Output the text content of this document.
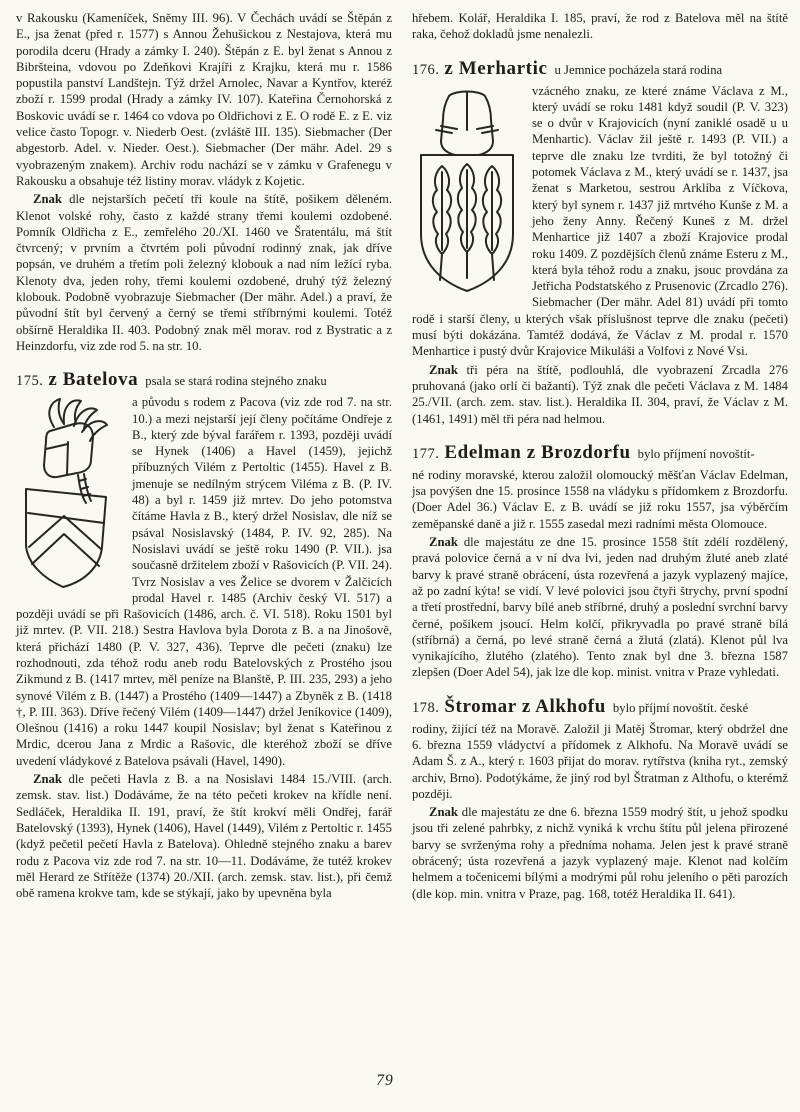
v Rakousku (Kameníček, Sněmy III. 96). V Čechách uvádí se Štěpán z E., jsa ženat (před r. 1577) s Annou Žehušickou z Nestajova, která mu porodila dceru (Hrady a zámky I. 240). Štěpán z E. byl ženat s Annou z Bibršteina, vdovou po Zdeňkovi Krajíři z Krajku, která mu r. 1586 popustila panství Landštejn. Týž držel Arnolec, Navar a Kyntřov, kteréž zboží r. 1599 prodal (Hrady a zámky IV. 107). Kateřina Černohorská z Boskovic uvádí se r. 1464 co vdova po Oldřichovi z E. O rodě E. z E. viz velice často Topogr. v. Niederb Oest. (zvláště III. 135). Siebmacher (Der abgestorb. Adel. v. Nieder. Oest.). Siebmacher (Der mähr. Adel. 29 s vyobrazeným znakem). Archiv rodu nachází se v zámku v Grafenegu v Rakousku a obsahuje též listiny morav. vládyk z Kojetic.

Znak dle nejstarších pečetí tři koule na štítě, pošikem děleném. Klenot volské rohy, často z každé strany třemi koulemi ozdobené. Pomník Oldřicha z E., zemřelého 20./XI. 1460 ve Šratentálu, má štít čtvrcený; v prvním a čtvrtém poli původní rodinný znak, jak dříve popsán, ve druhém a třetím poli železný klobouk a nad ním ležící ryba. Klenoty dva, jeden rohy, třemi koulemi ozdobené, druhý týž železný klobouk. Podobně vyobrazuje Siebmacher (Der mähr. Adel.) a praví, že původní štít byl červený a černý se třemi stříbrnými koulemi. Totéž obšírně Heraldika II. 403. Podobný znak měl morav. rod z Bystratic a z Heinzdorfu, viz zde rod 5. na str. 10.

175. z Batelova psala se stará rodina stejného znaku

a původu s rodem z Pacova (viz zde rod 7. na str. 10.) a mezi nejstarší její členy počítáme Ondřeje z B., který zde býval farářem r. 1393, později uvádí se Hynek (1406) a Havel (1459), jejichž příbuzných Vilém z Pertoltic (1455). Havel z B. jmenuje se nedílným strýcem Viléma z B. (P. IV. 48) a byl r. 1459 již mrtev. Do jeho potomstva čítáme Havla z B., který držel Nosislav, dle níž se psával Nosislavský (1484, P. IV. 92, 285). Na Nosislavi uvádí se ještě roku 1490 (P. VII.). jsa současně držitelem zboží v Rašovicích (P. VII. 24). Tvrz Nosislav a ves Želice se dvorem v Žalčicích prodal Havel r. 1485 (Archiv český VI. 517) a později uvádí se při Rašovicích (1486, arch. č. VI. 518). Roku 1501 byl již mrtev. (P. VII. 218.) Sestra Havlova byla Dorota z B. a na Jinošově, která přichází 1480 (P. V. 327, 436). Teprve dle pečeti (znaku) lze rozhodnouti, zda téhož rodu aneb rodu Batelovských z Prostého jsou Zikmund z B. (1417 mrtev, měl peníze na Blanště, P. III. 235, 293) a jeho synové Vilém z B. (1447) a Prostého (1409—1447) a Zbyněk z B. (1418 †, P. III. 363). Dříve řečený Vilém (1409—1447) držel Jeníkovice (1409), Olešnou (1416) a roku 1447 koupil Nosislav; byl ženat s Kateřinou z Mrdic, dcerou Jana z Mrdic a Rašovic, dle kteréhož zboží se dříve uvedení vládykové z Batelova psávali (Havel, 1490).

Znak dle pečeti Havla z B. a na Nosislavi 1484 15./VIII. (arch. zemsk. stav. list.) Dodáváme, že na této pečeti krokev na křídle není. Sedláček, Heraldika II. 191, praví, že štít krokví měli Ondřej, farář Batelovský (1393), Hynek (1406), Havel (1449), Vilém z Pertoltic r. 1455 (když pečetil pečetí Havla z Batelova). Ohledně stejného znaku a barev rodu z Pacova viz zde rod 7. na str. 10—11. Dodáváme, že tutéž krokev měl Herard ze Střítěže (1374) 20./XII. (arch. zemsk. stav. list.), při čemž obě ramena krokve tam, kde se stýkají, jako by upevněna byla

hřebem. Kolář, Heraldika I. 185, praví, že rod z Batelova měl na štítě raka, čehož dokladů jsme nenalezli.

176. z Merhartic u Jemnice pocházela stará rodina

vzácného znaku, ze které známe Václava z M., který uvádí se roku 1481 když soudil (P. V. 323) se o dvůr v Krajovicích (nyní zaniklé osadě u u Menhartic). Václav žil ještě r. 1493 (P. VII.) a teprve dle znaku lze tvrditi, že byl totožný či potomek Václava z M., který uvádí se r. 1437, jsa ženat s Marketou, sestrou Arklíba z Víčkova, který byl synem r. 1437 již mrtvého Kunše z M. a jeho ženy Anny. Řečený Kuneš z M. držel Menhartice již 1407 a zboží Krajovice prodal roku 1409. Z pozdějších členů známe Esteru z M., která byla téhož rodu a znaku, jsouc provdána za Jetřicha Podstatského z Prusenovic (Zrcadlo 276). Siebmacher (Der mähr. Adel 81) uvádí při tomto rodě i starší členy, u kterých však příslušnost teprve dle znaku (pečeti) musí býti dokázána. Tamtéž dodává, že Václav z M. prodal r. 1570 Menhartice i pustý dvůr Krajovice Mikuláši a Volfovi z Nové Vsi.

Znak tři péra na štítě, podlouhlá, dle vyobrazení Zrcadla 276 pruhovaná (jako orlí či bažantí). Týž znak dle pečeti Václava z M. 1484 25./VII. (arch. zem. stav. list.). Heraldika II. 304, praví, že Václav z M. (1461, 1491) měl tři péra nad helmou.

177. Edelman z Brozdorfu bylo příjmení novoštít-

né rodiny moravské, kterou založil olomoucký měšťan Václav Edelman, jsa povýšen dne 15. prosince 1558 na vládyku s přídomkem z Brozdorfu. (Doer Adel 36.) Václav E. z B. uvádí se již roku 1557, jsa výběrčím zeměpanské daně a již r. 1555 zasedal mezi radními města Olomouce.

Znak dle majestátu ze dne 15. prosince 1558 štít zdélí rozdělený, pravá polovice černá a v ní dva lvi, jeden nad druhým žluté aneb zlaté barvy k pravé straně obrácení, ústa rozevřená a jazyk vyplazený majíce, až po zadní kýta! se vidí. V levé polovici jsou čtyři štrychy, první spodní a třetí prostřední, barvy bílé aneb stříbrné, druhý a poslední svrchní barvy černé, pošikem jsoucí. Helm kolčí, přikryvadla po pravé straně bílá (stříbrná) a černá, po levé straně černá a žlutá (zlatá). Klenot půl lva vynikajícího, žlutého (zlatého). Tento znak byl dne 3. března 1587 zlepšen (Doer Adel 54), jak lze dle kop. minist. vnitra v Praze vyhledati.

178. Štromar z Alkhofu bylo příjmí novoštít. české

rodiny, žijící též na Moravě. Založil ji Matěj Štromar, který obdržel dne 6. března 1559 vládyctví a přídomek z Alkhofu. Na Moravě uvádí se Adam Š. z A., který r. 1603 přijat do morav. rytířstva (kniha ryt., zemský archiv, Brno). Podotýkáme, že jiný rod byl Štratman z Althofu, o kterémž později.

Znak dle majestátu ze dne 6. března 1559 modrý štít, u jehož spodku jsou tři zelené pahrbky, z nichž vyniká k vrchu štítu půl jelena přirozené barvy se svrženýma rohy a předníma nohama. Jelen jest k pravé straně obrácený; ústa rozevřená a jazyk vyplazený maje. Klenot nad kolčím helmem a točenicemi bílými a modrými půl rohu jeleního o pěti parozích (dle kop. min. vnitra v Praze, pag. 168, totéž Heraldika II. 641).

79
